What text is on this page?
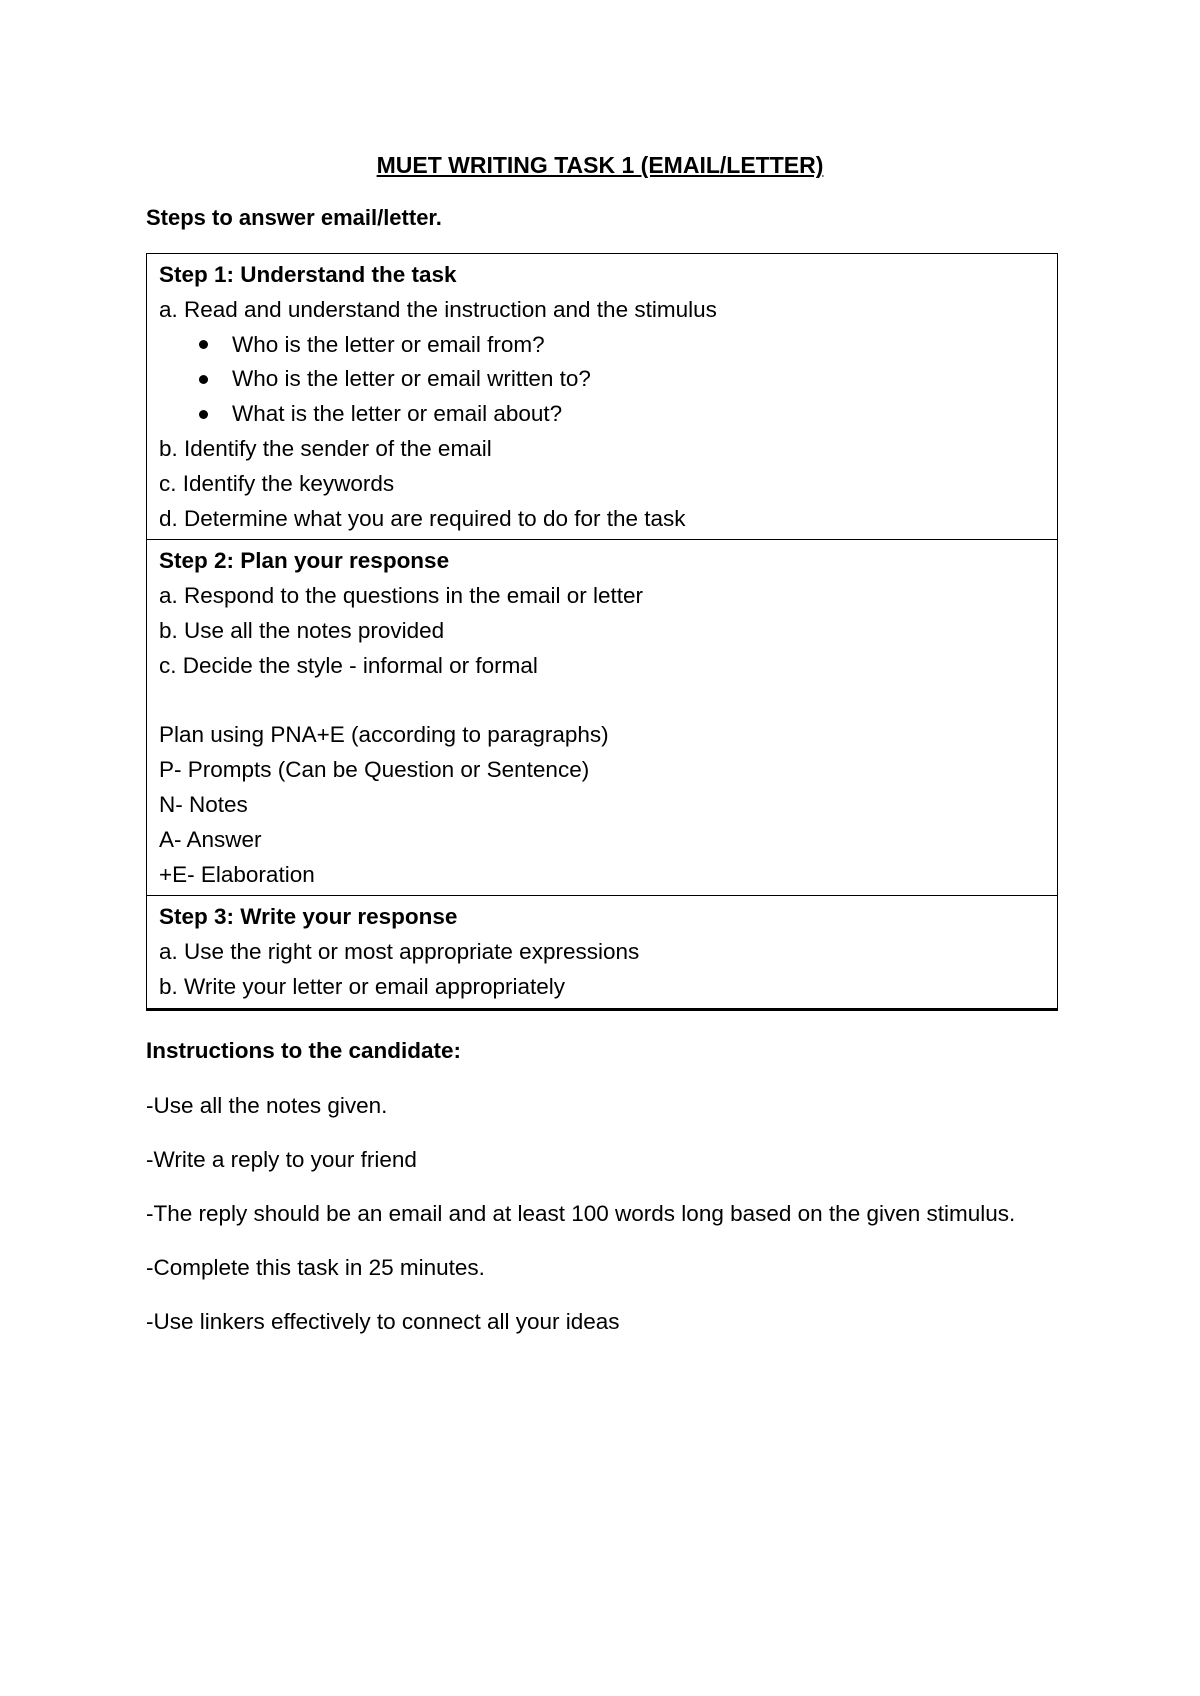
MUET WRITING TASK 1 (EMAIL/LETTER)
Steps to answer email/letter.
Step 1: Understand the task
a. Read and understand the instruction and the stimulus
Who is the letter or email from?
Who is the letter or email written to?
What is the letter or email about?
b. Identify the sender of the email
c. Identify the keywords
d. Determine what you are required to do for the task
Step 2: Plan your response
a. Respond to the questions in the email or letter
b. Use all the notes provided
c. Decide the style - informal or formal
Plan using PNA+E (according to paragraphs)
P- Prompts (Can be Question or Sentence)
N- Notes
A- Answer
+E- Elaboration
Step 3: Write your response
a. Use the right or most appropriate expressions
b. Write your letter or email appropriately
Instructions to the candidate:
-Use all the notes given.
-Write a reply to your friend
-The reply should be an email and at least 100 words long based on the given stimulus.
-Complete this task in 25 minutes.
-Use linkers effectively to connect all your ideas
